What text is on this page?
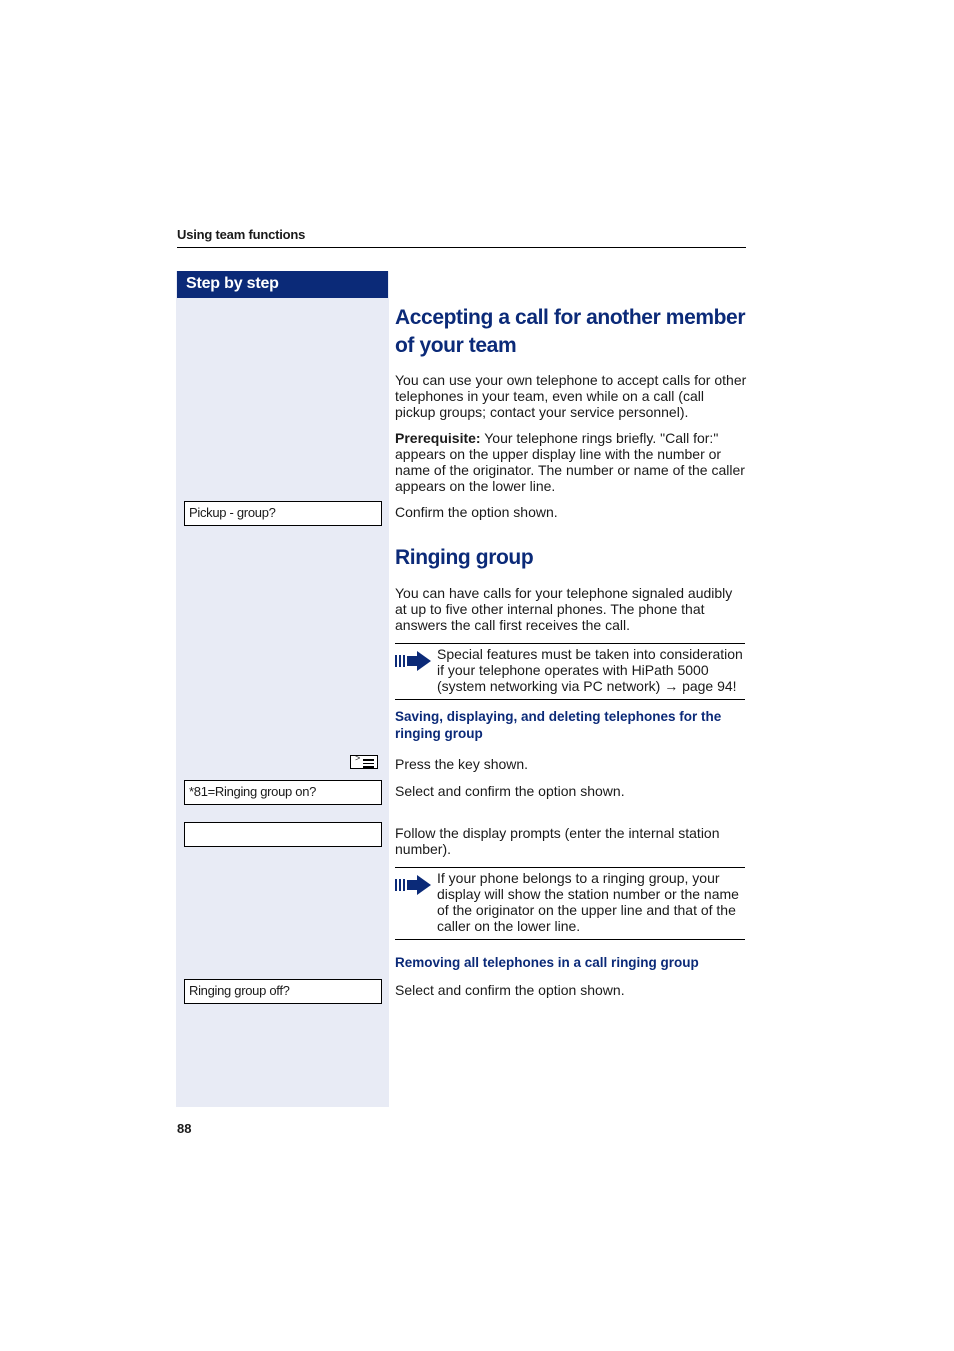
Using team functions
Step by step
Pickup - group?
>
*81=Ringing group on?
Ringing group off?
Accepting a call for another member of your team
You can use your own telephone to accept calls for other telephones in your team, even while on a call (call pickup groups; contact your service personnel).
Prerequisite: Your telephone rings briefly. "Call for:" appears on the upper display line with the number or name of the originator. The number or name of the caller appears on the lower line.
Confirm the option shown.
Ringing group
You can have calls for your telephone signaled audibly at up to five other internal phones. The phone that answers the call first receives the call.
Special features must be taken into consideration if your telephone operates with HiPath 5000 (system networking via PC network) → page 94!
Saving, displaying, and deleting telephones for the ringing group
Press the key shown.
Select and confirm the option shown.
Follow the display prompts (enter the internal station number).
If your phone belongs to a ringing group, your display will show the station number or the name of the originator on the upper line and that of the caller on the lower line.
Removing all telephones in a call ringing group
Select and confirm the option shown.
88
